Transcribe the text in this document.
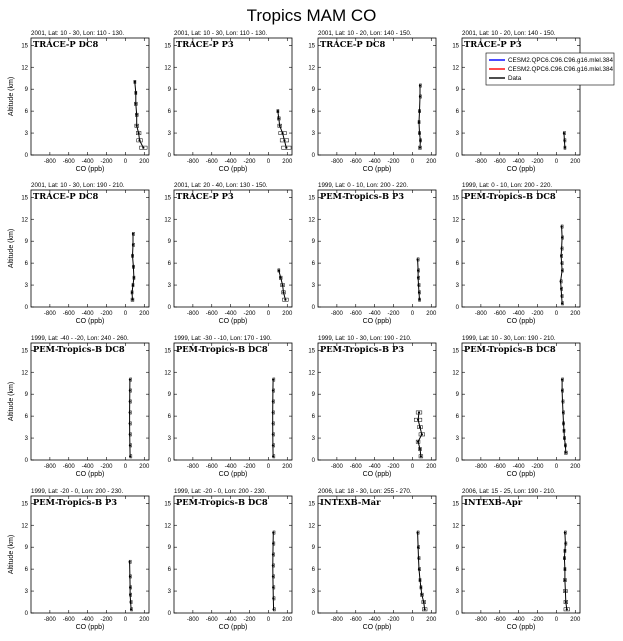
Tropics MAM CO
2001, Lat: 10 - 30, Lon: 110 - 130.
TRACE-P DC8
0
3
6
9
12
15
-800 -600 -400 -200 0 200
CO (ppb)
Altitude (km)
2001, Lat: 10 - 30, Lon: 110 - 130.
TRACE-P P3
0
3
6
9
12
15
-800 -600 -400 -200 0 200
CO (ppb)
2001, Lat: 10 - 20, Lon: 140 - 150.
TRACE-P DC8
0
3
6
9
12
15
-800 -600 -400 -200 0 200
CO (ppb)
2001, Lat: 10 - 20, Lon: 140 - 150.
TRACE-P P3
0
3
6
9
12
15
-800 -600 -400 -200 0 200
CO (ppb)
CESM2.QPC6.C96.C96.g16.mlel.384
CESM2.QPC6.C96.C96.g16.mlel.384
Data
2001, Lat: 10 - 30, Lon: 190 - 210.
TRACE-P DC8
0
3
6
9
12
15
-800 -600 -400 -200 0 200
CO (ppb)
Altitude (km)
2001, Lat: 20 - 40, Lon: 130 - 150.
TRACE-P P3
0
3
6
9
12
15
-800 -600 -400 -200 0 200
CO (ppb)
1999, Lat: 0 - 10, Lon: 200 - 220.
PEM-Tropics-B P3
0
3
6
9
12
15
-800 -600 -400 -200 0 200
CO (ppb)
1999, Lat: 0 - 10, Lon: 200 - 220.
PEM-Tropics-B DC8
0
3
6
9
12
15
-800 -600 -400 -200 0 200
CO (ppb)
1999, Lat: -40 - -20, Lon: 240 - 260.
PEM-Tropics-B DC8
0
3
6
9
12
15
-800 -600 -400 -200 0 200
CO (ppb)
Altitude (km)
1999, Lat: -30 - -10, Lon: 170 - 190.
PEM-Tropics-B DC8
0
3
6
9
12
15
-800 -600 -400 -200 0 200
CO (ppb)
1999, Lat: 10 - 30, Lon: 190 - 210.
PEM-Tropics-B P3
0
3
6
9
12
15
-800 -600 -400 -200 0 200
CO (ppb)
1999, Lat: 10 - 30, Lon: 190 - 210.
PEM-Tropics-B DC8
0
3
6
9
12
15
-800 -600 -400 -200 0 200
CO (ppb)
1999, Lat: -20 - 0, Lon: 200 - 230.
PEM-Tropics-B P3
0
3
6
9
12
15
-800 -600 -400 -200 0 200
CO (ppb)
Altitude (km)
1999, Lat: -20 - 0, Lon: 200 - 230.
PEM-Tropics-B DC8
0
3
6
9
12
15
-800 -600 -400 -200 0 200
CO (ppb)
2006, Lat: 18 - 30, Lon: 255 - 270.
INTEXB-Mar
0
3
6
9
12
15
-800 -600 -400 -200 0 200
CO (ppb)
2006, Lat: 15 - 25, Lon: 190 - 210.
INTEXB-Apr
0
3
6
9
12
15
-800 -600 -400 -200 0 200
CO (ppb)
